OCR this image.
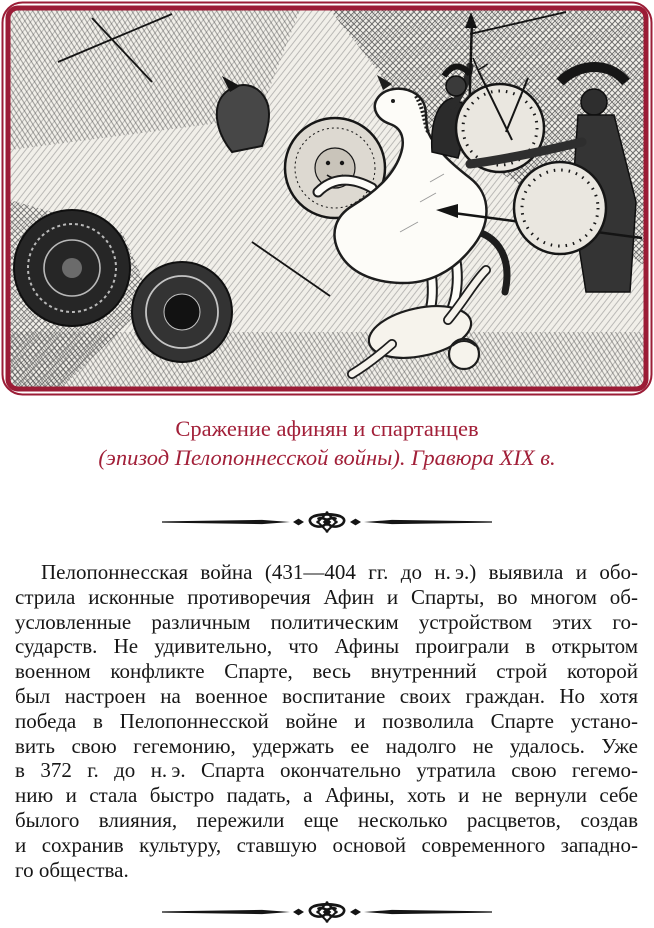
Сражение афинян и спартанцев
(эпизод Пелопоннесской войны). Гравюра XIX в.
Пелопоннесская война (431—404 гг. до н. э.) выявила и обо-
стрила исконные противоречия Афин и Спарты, во многом об-
условленные различным политическим устройством этих го-
сударств. Не удивительно, что Афины проиграли в открытом
военном конфликте Спарте, весь внутренний строй которой
был настроен на военное воспитание своих граждан. Но хотя
победа в Пелопоннесской войне и позволила Спарте устано-
вить свою гегемонию, удержать ее надолго не удалось. Уже
в 372 г. до н. э. Спарта окончательно утратила свою гегемо-
нию и стала быстро падать, а Афины, хоть и не вернули себе
былого влияния, пережили еще несколько расцветов, создав
и сохранив культуру, ставшую основой современного западно-
го общества.
